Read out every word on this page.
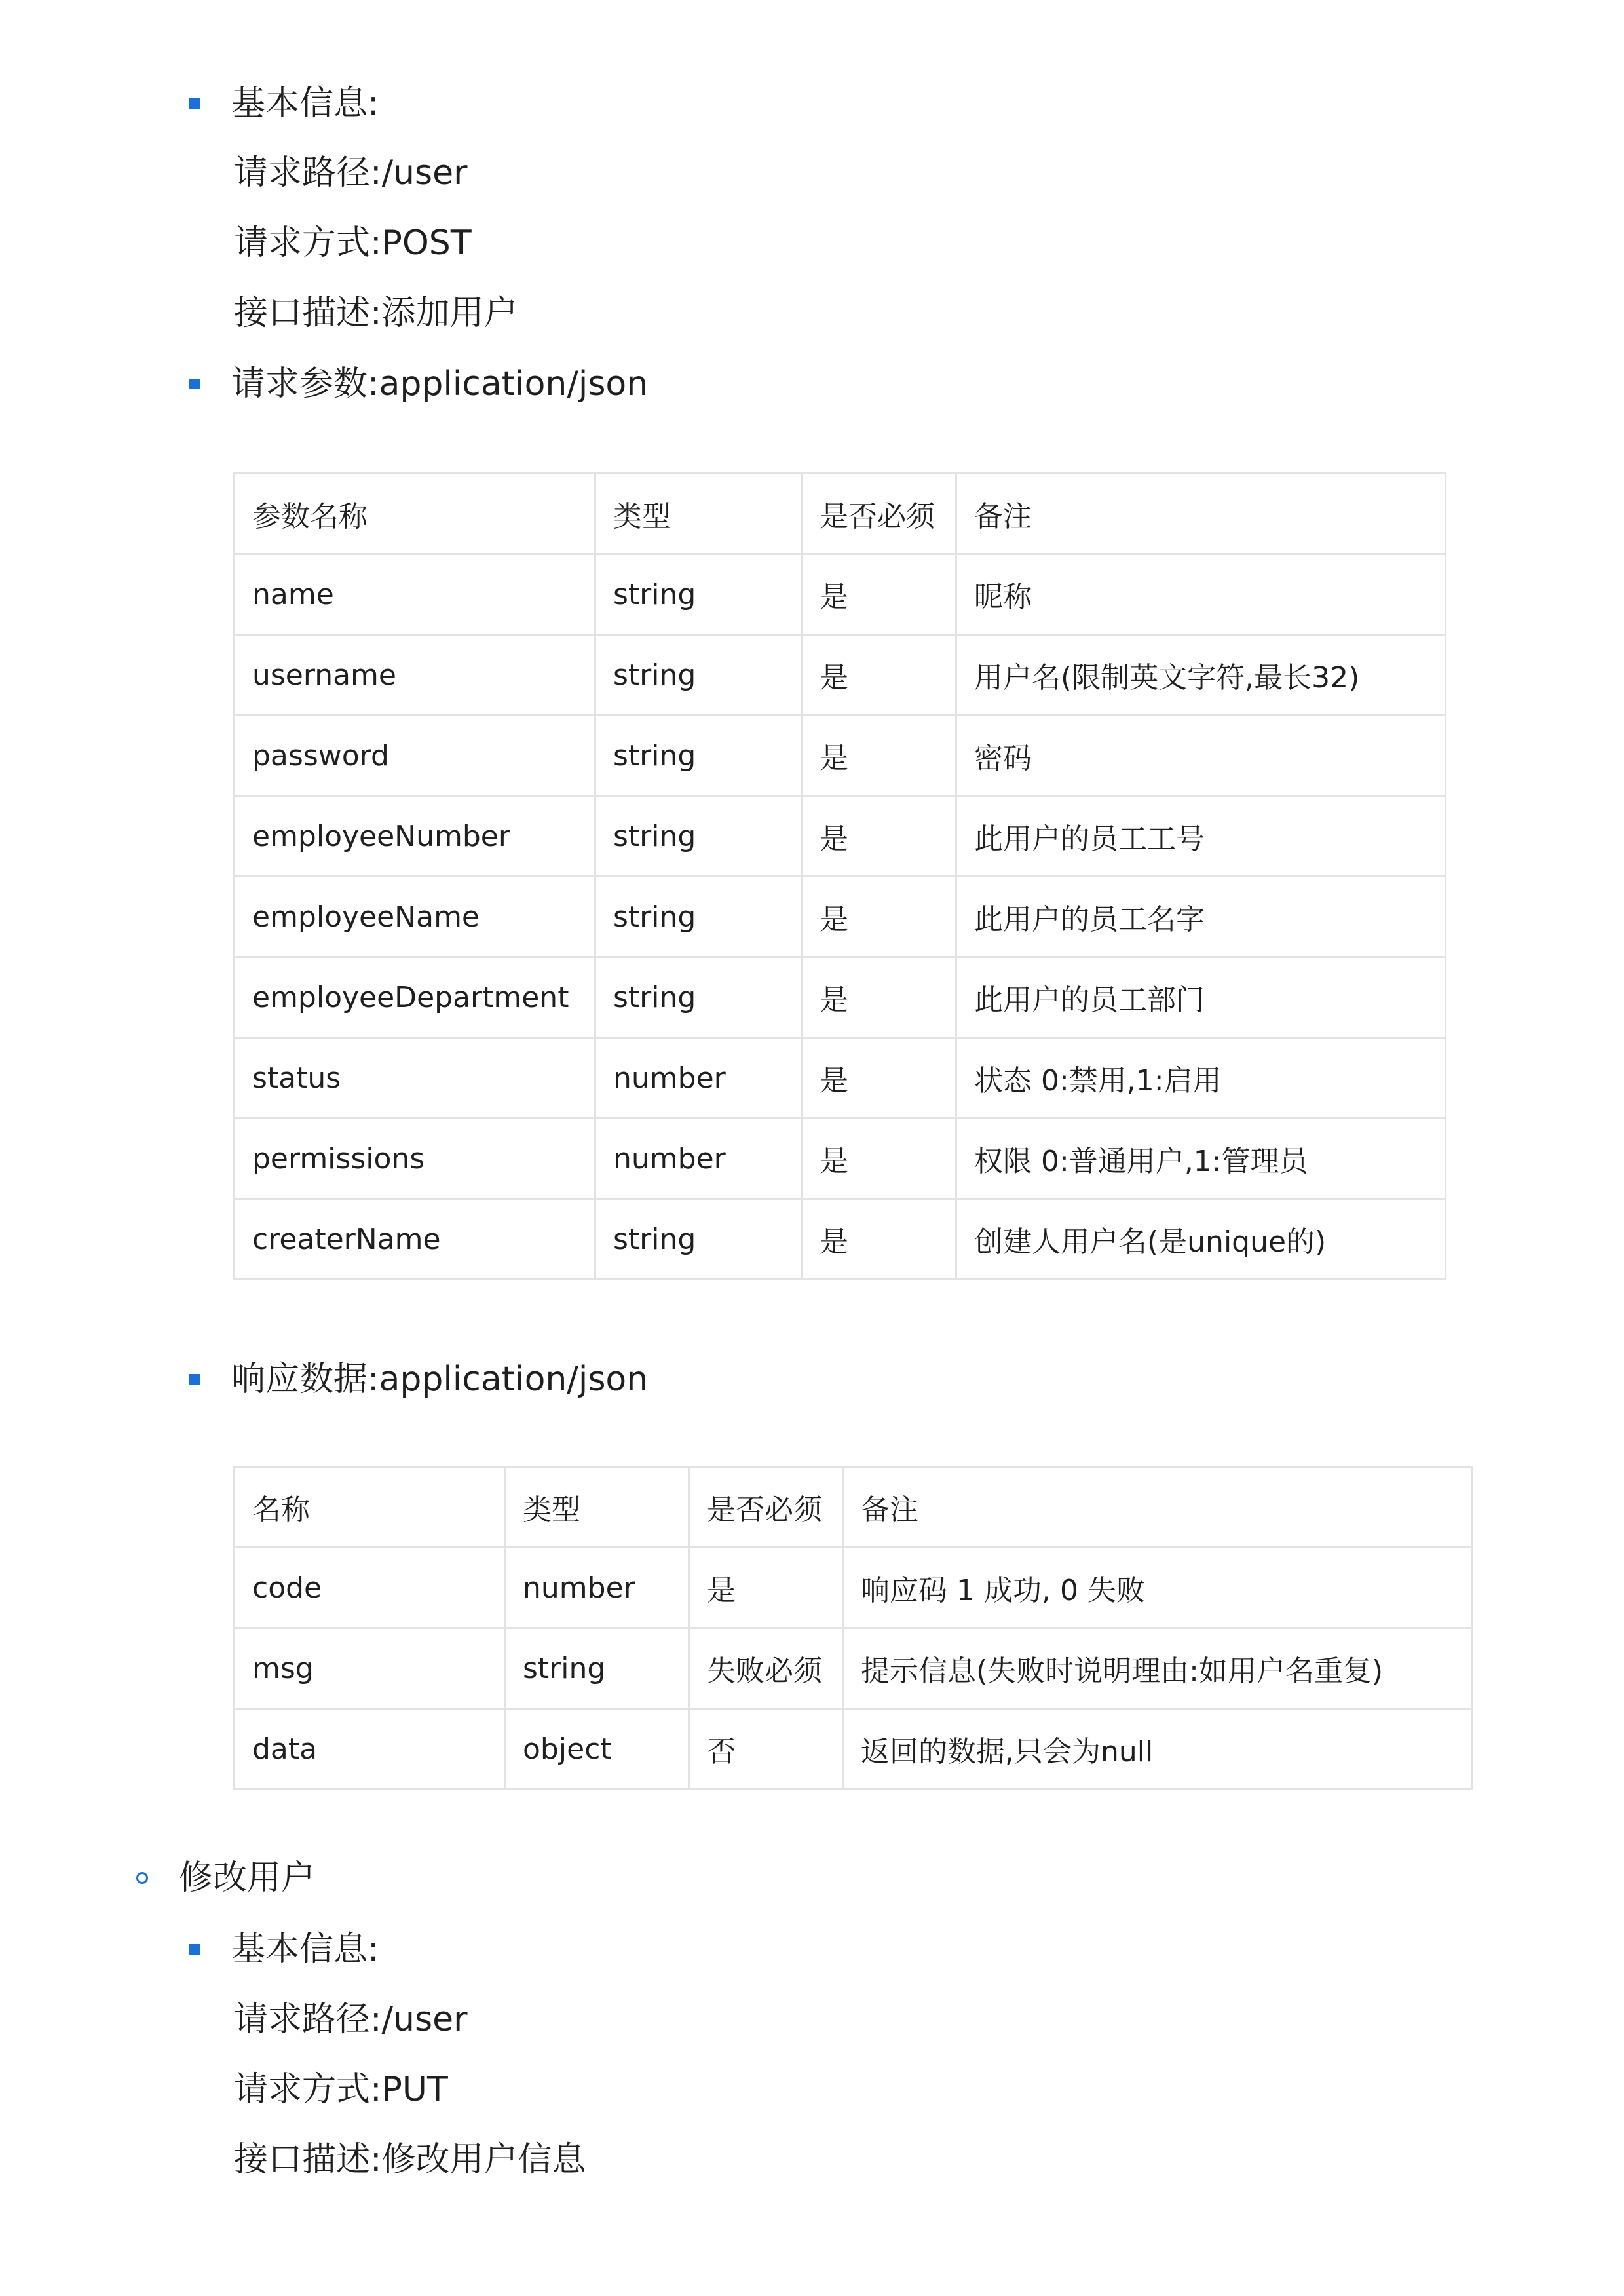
基本信息:
请求路径:/user
请求方式:POST
接口描述:添加用户
请求参数:application/json
参数名称	类型	是否必须	备注
name	string	是	昵称
username	string	是	用户名(限制英文字符,最长32)
password	string	是	密码
employeeNumber	string	是	此用户的员工工号
employeeName	string	是	此用户的员工名字
employeeDepartment	string	是	此用户的员工部门
status	number	是	状态 0:禁用,1:启用
permissions	number	是	权限 0:普通用户,1:管理员
createrName	string	是	创建人用户名(是unique的)
响应数据:application/json
名称	类型	是否必须	备注
code	number	是	响应码 1 成功, 0 失败
msg	string	失败必须	提示信息(失败时说明理由:如用户名重复)
data	object	否	返回的数据,只会为null
修改用户
基本信息:
请求路径:/user
请求方式:PUT
接口描述:修改用户信息
